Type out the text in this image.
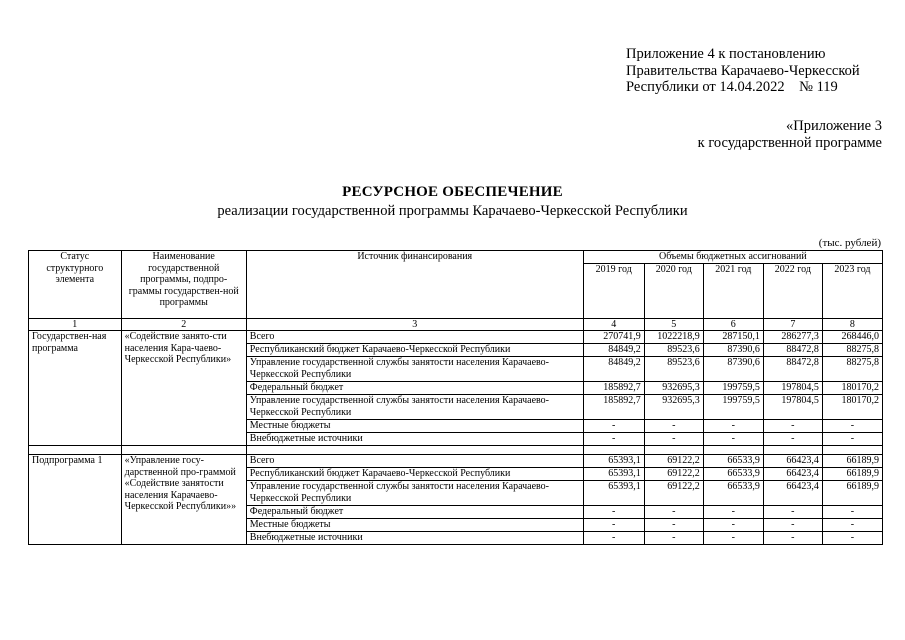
Приложение 4 к постановлению
Правительства Карачаево-Черкесской
Республики от 14.04.2022    № 119
«Приложение 3
к государственной программе
РЕСУРСНОЕ ОБЕСПЕЧЕНИЕ
реализации государственной программы Карачаево-Черкесской Республики
(тыс. рублей)
Статус структурного элемента	Наименование государственной программы, подпро-граммы государствен-ной программы	Источник финансирования	Объемы бюджетных ассигнований				
			2019 год	2020 год	2021 год	2022 год	2023 год
1	2	3	4	5	6	7	8
Государствен-ная программа	«Содействие занято-сти населения Кара-чаево-Черкесской Республики»	Всего	270741,9	1022218,9	287150,1	286277,3	268446,0
		Республиканский бюджет Карачаево-Черкесской Республики	84849,2	89523,6	87390,6	88472,8	88275,8
		Управление государственной службы занятости населения Карачаево-Черкесской Республики	84849,2	89523,6	87390,6	88472,8	88275,8
		Федеральный бюджет	185892,7	932695,3	199759,5	197804,5	180170,2
		Управление государственной службы занятости населения Карачаево-Черкесской Республики	185892,7	932695,3	199759,5	197804,5	180170,2
		Местные бюджеты	-	-	-	-	-
		Внебюджетные источники	-	-	-	-	-

Подпрограмма 1	«Управление госу-дарственной про-граммой «Содействие занятости населения Карачаево-Черкесской Республики»»	Всего	65393,1	69122,2	66533,9	66423,4	66189,9
		Республиканский бюджет Карачаево-Черкесской Республики	65393,1	69122,2	66533,9	66423,4	66189,9
		Управление государственной службы занятости населения Карачаево-Черкесской Республики	65393,1	69122,2	66533,9	66423,4	66189,9
		Федеральный бюджет	-	-	-	-	-
		Местные бюджеты	-	-	-	-	-
		Внебюджетные источники	-	-	-	-	-
